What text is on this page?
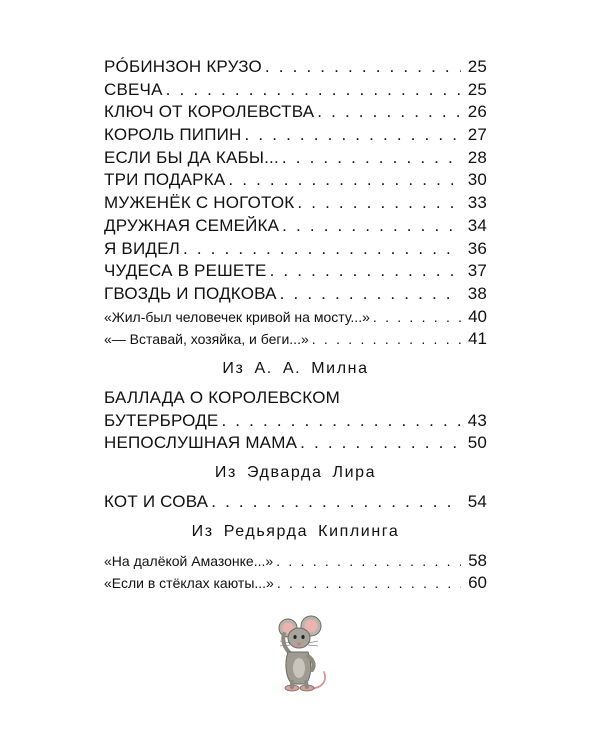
РÓБИНЗОН КРУЗО . . .	25
СВЕЧА . . .	25
КЛЮЧ ОТ КОРОЛЕВСТВА . . .	26
КОРОЛЬ ПИПИН . . .	27
ЕСЛИ БЫ ДА КАБЫ... . . .	28
ТРИ ПОДАРКА . . .	30
МУЖЕНЁК С НОГОТОК . . .	33
ДРУЖНАЯ СЕМЕЙКА . . .	34
Я ВИДЕЛ . . .	36
ЧУДЕСА В РЕШЕТЕ . . .	37
ГВОЗДЬ И ПОДКОВА . . .	38
«Жил-был человечек кривой на мосту...» . . .	40
«— Вставай, хозяйка, и беги...» . . .	41
Из А. А. Милна
БАЛЛАДА О КОРОЛЕВСКОМ
БУТЕРБРОДЕ . . .	43
НЕПОСЛУШНАЯ МАМА . . .	50
Из Эдварда Лира
КОТ И СОВА . . .	54
Из Редьярда Киплинга
«На далёкой Амазонке...» . . .	58
«Если в стёклах каюты...» . . .	60
